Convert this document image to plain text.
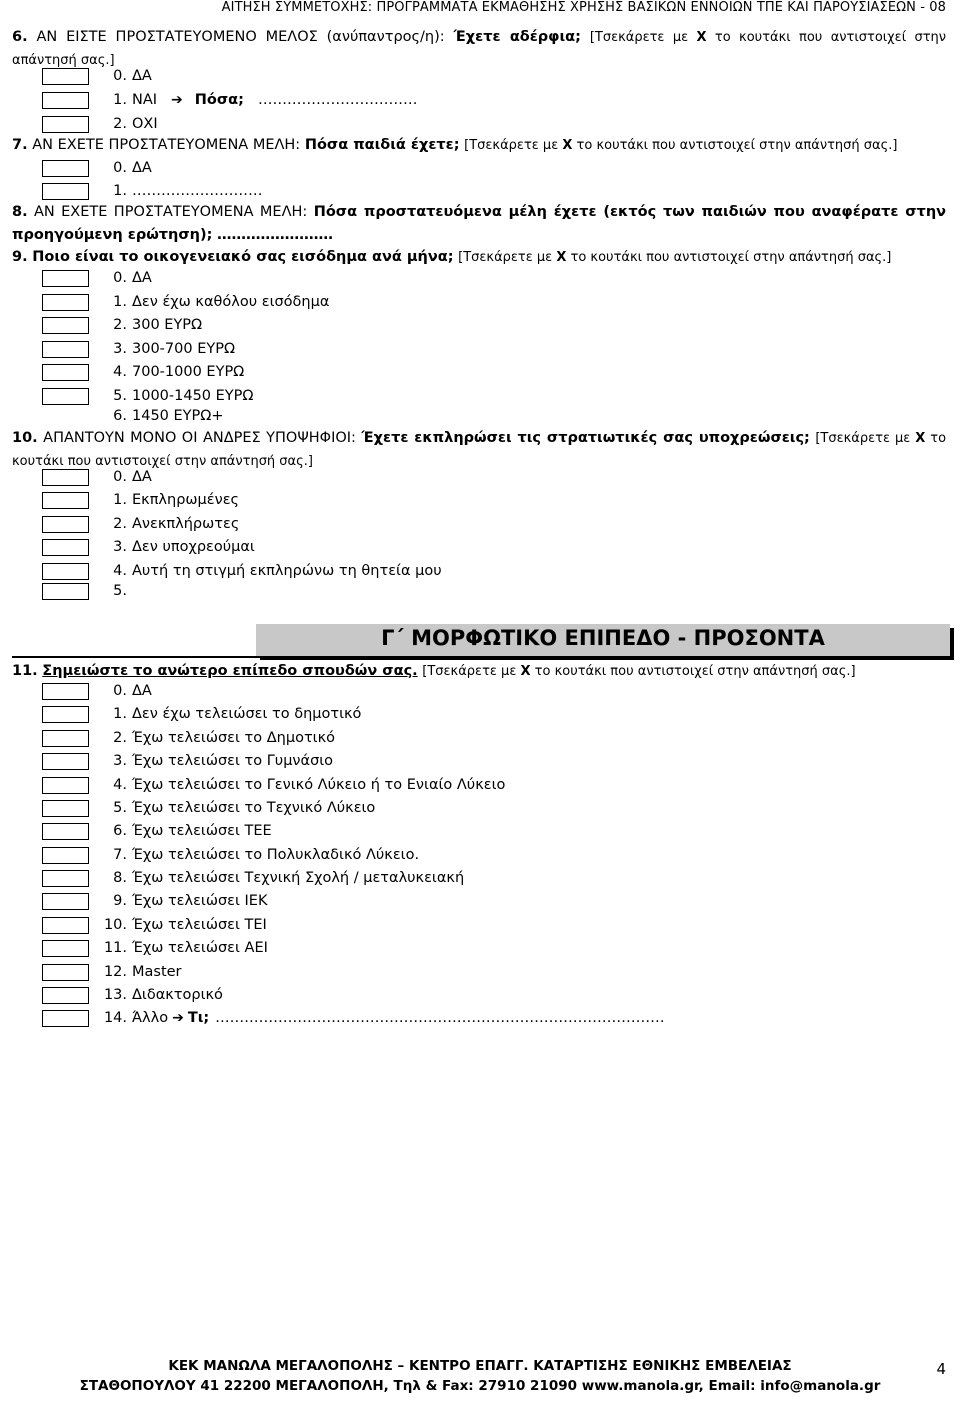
ΑΙΤΗΣΗ ΣΥΜΜΕΤΟΧΗΣ: ΠΡΟΓΡΑΜΜΑΤΑ ΕΚΜΑΘΗΣΗΣ ΧΡΗΣΗΣ ΒΑΣΙΚΩΝ ΕΝΝΟΙΩΝ ΤΠΕ ΚΑΙ ΠΑΡΟΥΣΙΑΣΕΩΝ - 08
6. ΑΝ ΕΙΣΤΕ ΠΡΟΣΤΑΤΕΥΟΜΕΝΟ ΜΕΛΟΣ (ανύπαντρος/η): Έχετε αδέρφια; [Τσεκάρετε με X το κουτάκι που αντιστοιχεί στην απάντησή σας.]
0. ΔΑ
1. ΝΑΙ ➔ Πόσα; ……………………………
2. ΟΧΙ
7. ΑΝ ΕΧΕΤΕ ΠΡΟΣΤΑΤΕΥΟΜΕΝΑ ΜΕΛΗ: Πόσα παιδιά έχετε; [Τσεκάρετε με X το κουτάκι που αντιστοιχεί στην απάντησή σας.]
0. ΔΑ
1. ………………………
8. ΑΝ ΕΧΕΤΕ ΠΡΟΣΤΑΤΕΥΟΜΕΝΑ ΜΕΛΗ: Πόσα προστατευόμενα μέλη έχετε (εκτός των παιδιών που αναφέρατε στην προηγούμενη ερώτηση); ……………………
9. Ποιο είναι το οικογενειακό σας εισόδημα ανά μήνα; [Τσεκάρετε με X το κουτάκι που αντιστοιχεί στην απάντησή σας.]
0. ΔΑ
1. Δεν έχω καθόλου εισόδημα
2. 300 ΕΥΡΩ
3. 300-700 ΕΥΡΩ
4. 700-1000 ΕΥΡΩ
5. 1000-1450 ΕΥΡΩ
6. 1450 ΕΥΡΩ+
10. ΑΠΑΝΤΟΥΝ ΜΟΝΟ ΟΙ ΑΝΔΡΕΣ ΥΠΟΨΗΦΙΟΙ: Έχετε εκπληρώσει τις στρατιωτικές σας υποχρεώσεις; [Τσεκάρετε με X το κουτάκι που αντιστοιχεί στην απάντησή σας.]
0. ΔΑ
1. Εκπληρωμένες
2. Ανεκπλήρωτες
3. Δεν υποχρεούμαι
4. Αυτή τη στιγμή εκπληρώνω τη θητεία μου
5.
Γ΄ ΜΟΡΦΩΤΙΚΟ ΕΠΙΠΕΔΟ - ΠΡΟΣΟΝΤΑ
11. Σημειώστε το ανώτερο επίπεδο σπουδών σας. [Τσεκάρετε με X το κουτάκι που αντιστοιχεί στην απάντησή σας.]
0. ΔΑ
1. Δεν έχω τελειώσει το δημοτικό
2. Έχω τελειώσει το Δημοτικό
3. Έχω τελειώσει το Γυμνάσιο
4. Έχω τελειώσει το Γενικό Λύκειο ή το Ενιαίο Λύκειο
5. Έχω τελειώσει το Τεχνικό Λύκειο
6. Έχω τελειώσει ΤΕΕ
7. Έχω τελειώσει το Πολυκλαδικό Λύκειο.
8. Έχω τελειώσει Τεχνική Σχολή / μεταλυκειακή
9. Έχω τελειώσει ΙΕΚ
10. Έχω τελειώσει ΤΕΙ
11. Έχω τελειώσει ΑΕΙ
12. Master
13. Διδακτορικό
14. Άλλο ➔ Τι; …………………………………………………………………………………
ΚΕΚ ΜΑΝΩΛΑ ΜΕΓΑΛΟΠΟΛΗΣ – ΚΕΝΤΡΟ ΕΠΑΓΓ. ΚΑΤΑΡΤΙΣΗΣ ΕΘΝΙΚΗΣ ΕΜΒΕΛΕΙΑΣ
ΣΤΑΘΟΠΟΥΛΟΥ 41 22200 ΜΕΓΑΛΟΠΟΛΗ, Τηλ & Fax: 27910 21090 www.manola.gr, Email: info@manola.gr
4
